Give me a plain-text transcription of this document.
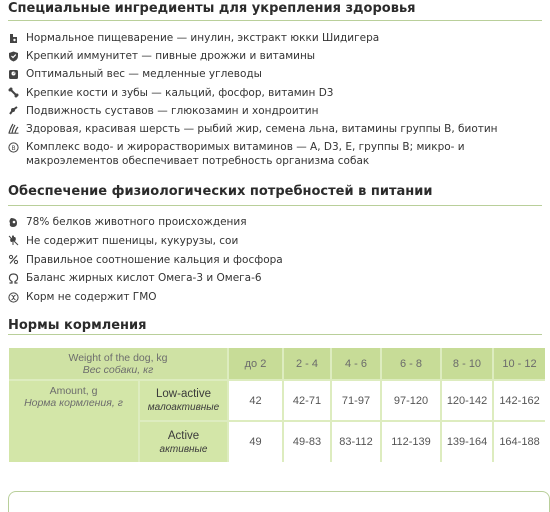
Специальные ингредиенты для укрепления здоровья
Нормальное пищеварение — инулин, экстракт юкки Шидигера
Крепкий иммунитет — пивные дрожжи и витамины
Оптимальный вес — медленные углеводы
Крепкие кости и зубы — кальций, фосфор, витамин D3
Подвижность суставов — глюкозамин и хондроитин
Здоровая, красивая шерсть — рыбий жир, семена льна, витамины группы B, биотин
B Комплекс водо- и жирорастворимых витаминов — A, D3, E, группы B; микро- и макроэлементов обеспечивает потребность организма собак
Обеспечение физиологических потребностей в питании
78% белков животного происхождения
Не содержит пшеницы, кукурузы, сои
Правильное соотношение кальция и фосфора
Баланс жирных кислот Омега-3 и Омега-6
Корм не содержит ГМО
Нормы кормления
Weight of the dog, kg
Вес собаки, кг	до 2	2 - 4	4 - 6	6 - 8	8 - 10	10 - 12
Amount, g
Норма кормления, г
Low-active
малоактивные
42	42-71	71-97	97-120	120-142	142-162
Active
активные
49	49-83	83-112	112-139	139-164	164-188
